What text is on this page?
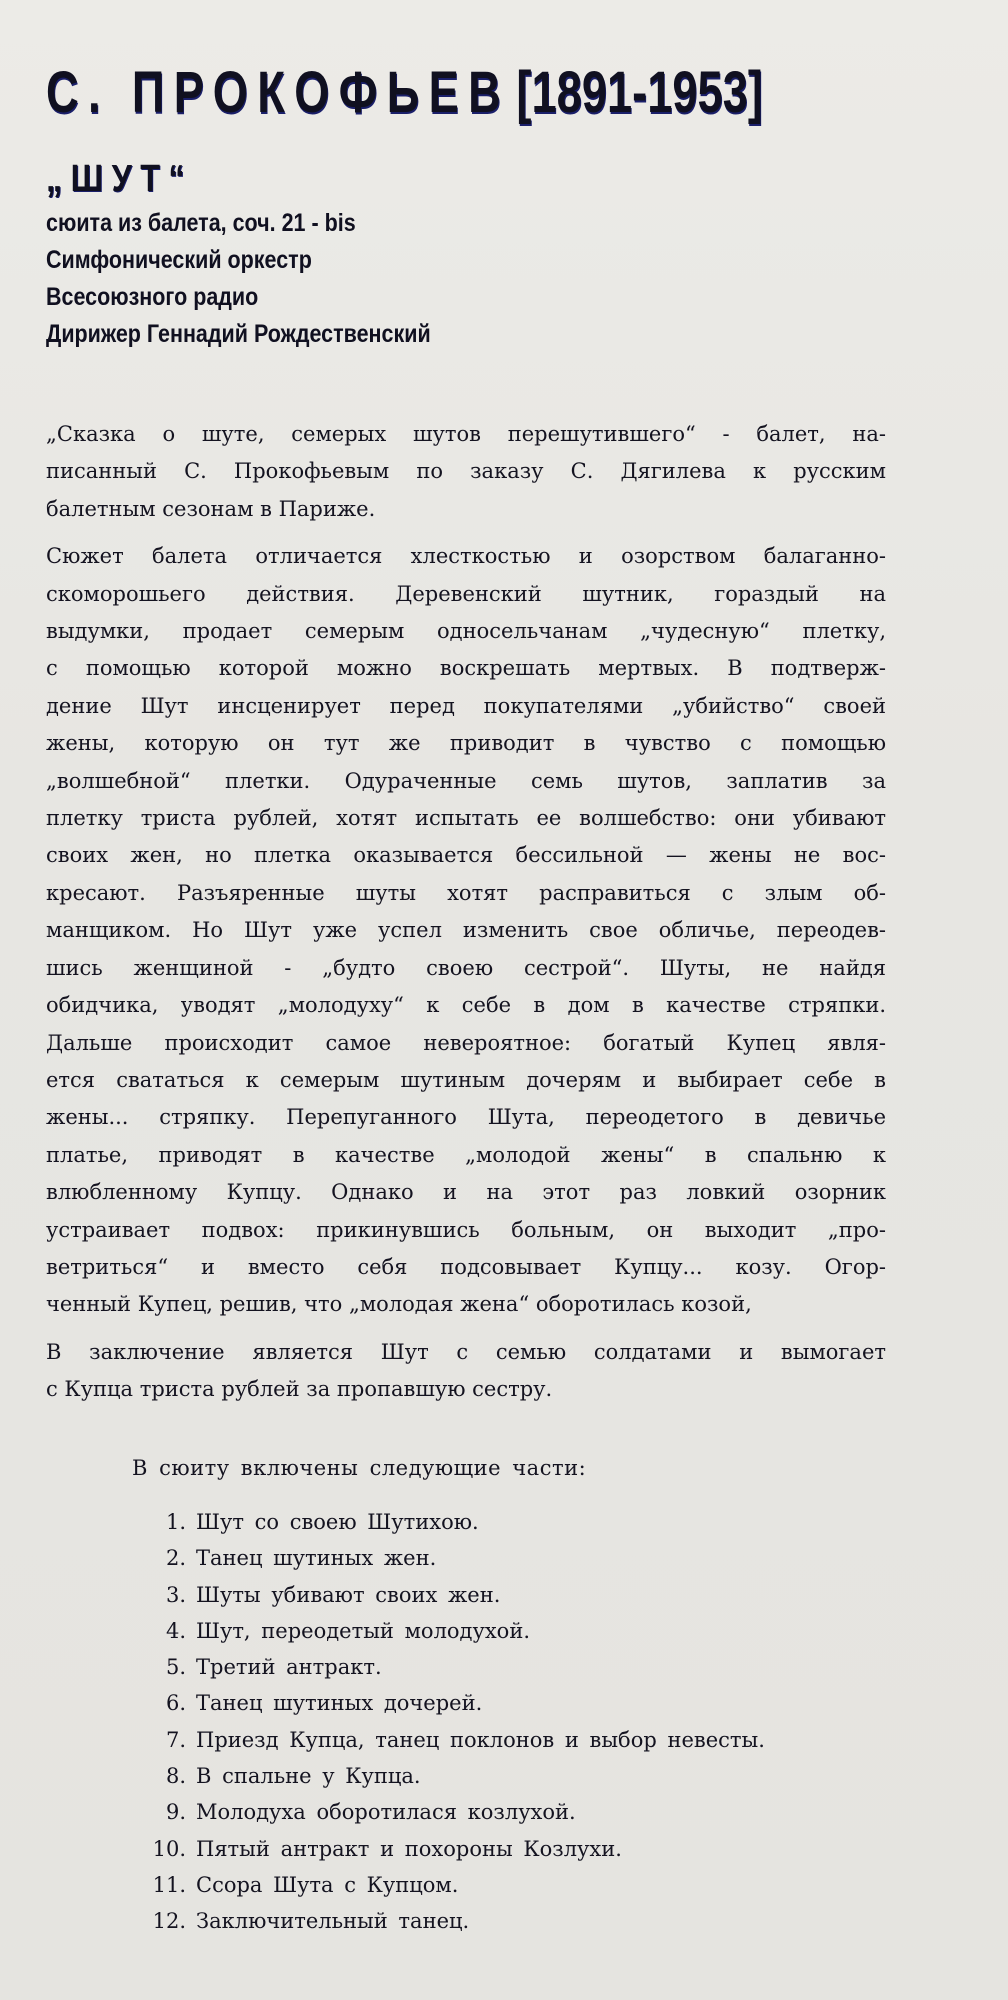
С. ПРОКОФЬЕВ [1891-1953]
„ШУТ“
сюита из балета, соч. 21 - bis
Симфонический оркестр
Всесоюзного радио
Дирижер Геннадий Рождественский

„Сказка о шуте, семерых шутов перешутившего“ - балет, на-
писанный С. Прокофьевым по заказу С. Дягилева к русским
балетным сезонам в Париже.

Сюжет балета отличается хлесткостью и озорством балаганно-
скоморошьего действия. Деревенский шутник, гораздый на
выдумки, продает семерым односельчанам „чудесную“ плетку,
с помощью которой можно воскрешать мертвых. В подтверж-
дение Шут инсценирует перед покупателями „убийство“ своей
жены, которую он тут же приводит в чувство с помощью
„волшебной“ плетки. Одураченные семь шутов, заплатив за
плетку триста рублей, хотят испытать ее волшебство: они убивают
своих жен, но плетка оказывается бессильной — жены не вос-
кресают. Разъяренные шуты хотят расправиться с злым об-
манщиком. Но Шут уже успел изменить свое обличье, переодев-
шись женщиной - „будто своею сестрой“. Шуты, не найдя
обидчика, уводят „молодуху“ к себе в дом в качестве стряпки.
Дальше происходит самое невероятное: богатый Купец явля-
ется свататься к семерым шутиным дочерям и выбирает себе в
жены... стряпку. Перепуганного Шута, переодетого в девичье
платье, приводят в качестве „молодой жены“ в спальню к
влюбленному Купцу. Однако и на этот раз ловкий озорник
устраивает подвох: прикинувшись больным, он выходит „про-
ветриться“ и вместо себя подсовывает Купцу... козу. Огор-
ченный Купец, решив, что „молодая жена“ оборотилась козой,

В заключение является Шут с семью солдатами и вымогает
с Купца триста рублей за пропавшую сестру.

В сюиту включены следующие части:
1. Шут со своею Шутихою.
2. Танец шутиных жен.
3. Шуты убивают своих жен.
4. Шут, переодетый молодухой.
5. Третий антракт.
6. Танец шутиных дочерей.
7. Приезд Купца, танец поклонов и выбор невесты.
8. В спальне у Купца.
9. Молодуха оборотилася козлухой.
10. Пятый антракт и похороны Козлухи.
11. Ссора Шута с Купцом.
12. Заключительный танец.
